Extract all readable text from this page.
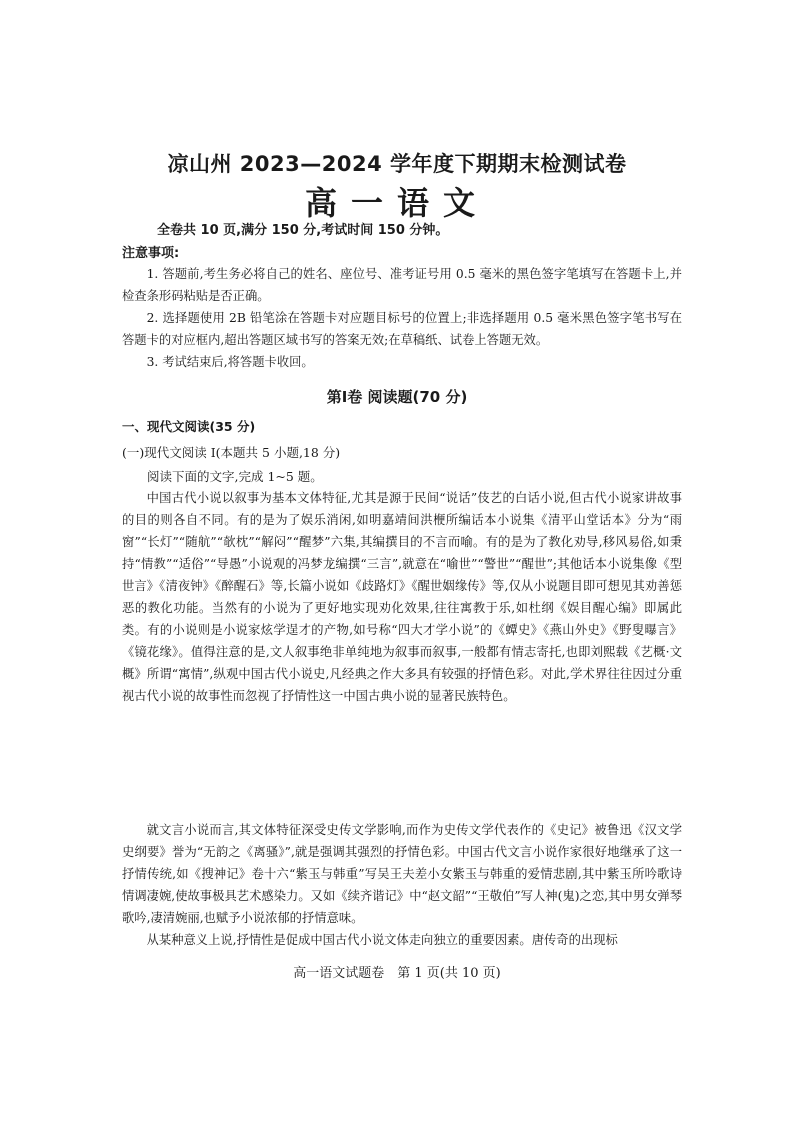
凉山州 2023—2024 学年度下期期末检测试卷
高一语文
全卷共 10 页,满分 150 分,考试时间 150 分钟。
注意事项:
1. 答题前,考生务必将自己的姓名、座位号、准考证号用 0.5 毫米的黑色签字笔填写在答题卡上,并检查条形码粘贴是否正确。
2. 选择题使用 2B 铅笔涂在答题卡对应题目标号的位置上;非选择题用 0.5 毫米黑色签字笔书写在答题卡的对应框内,超出答题区域书写的答案无效;在草稿纸、试卷上答题无效。
3. 考试结束后,将答题卡收回。
第Ⅰ卷 阅读题(70 分)
一、现代文阅读(35 分)
(一)现代文阅读 I(本题共 5 小题,18 分)
阅读下面的文字,完成 1~5 题。
中国古代小说以叙事为基本文体特征,尤其是源于民间“说话”伎艺的白话小说,但古代小说家讲故事的目的则各自不同。有的是为了娱乐消闲,如明嘉靖间洪楩所编话本小说集《清平山堂话本》分为“雨窗”“长灯”“随航”“欹枕”“解闷”“醒梦”六集,其编撰目的不言而喻。有的是为了教化劝导,移风易俗,如秉持“情教”“适俗”“导愚”小说观的冯梦龙编撰“三言”,就意在“喻世”“警世”“醒世”;其他话本小说集像《型世言》《清夜钟》《醉醒石》等,长篇小说如《歧路灯》《醒世姻缘传》等,仅从小说题目即可想见其劝善惩恶的教化功能。当然有的小说为了更好地实现劝化效果,往往寓教于乐,如杜纲《娱目醒心编》即属此类。有的小说则是小说家炫学逞才的产物,如号称“四大才学小说”的《蟫史》《燕山外史》《野叟曝言》《镜花缘》。值得注意的是,文人叙事绝非单纯地为叙事而叙事,一般都有情志寄托,也即刘熙载《艺概·文概》所谓“寓情”,纵观中国古代小说史,凡经典之作大多具有较强的抒情色彩。对此,学术界往往因过分重视古代小说的故事性而忽视了抒情性这一中国古典小说的显著民族特色。
就文言小说而言,其文体特征深受史传文学影响,而作为史传文学代表作的《史记》被鲁迅《汉文学史纲要》誉为“无韵之《离骚》”,就是强调其强烈的抒情色彩。中国古代文言小说作家很好地继承了这一抒情传统,如《搜神记》卷十六“紫玉与韩重”写吴王夫差小女紫玉与韩重的爱情悲剧,其中紫玉所吟歌诗情调凄婉,使故事极具艺术感染力。又如《续齐谐记》中“赵文韶”“王敬伯”写人神(鬼)之恋,其中男女弹琴歌吟,凄清婉丽,也赋予小说浓郁的抒情意味。
从某种意义上说,抒情性是促成中国古代小说文体走向独立的重要因素。唐传奇的出现标
高一语文试题卷　第 1 页(共 10 页)
